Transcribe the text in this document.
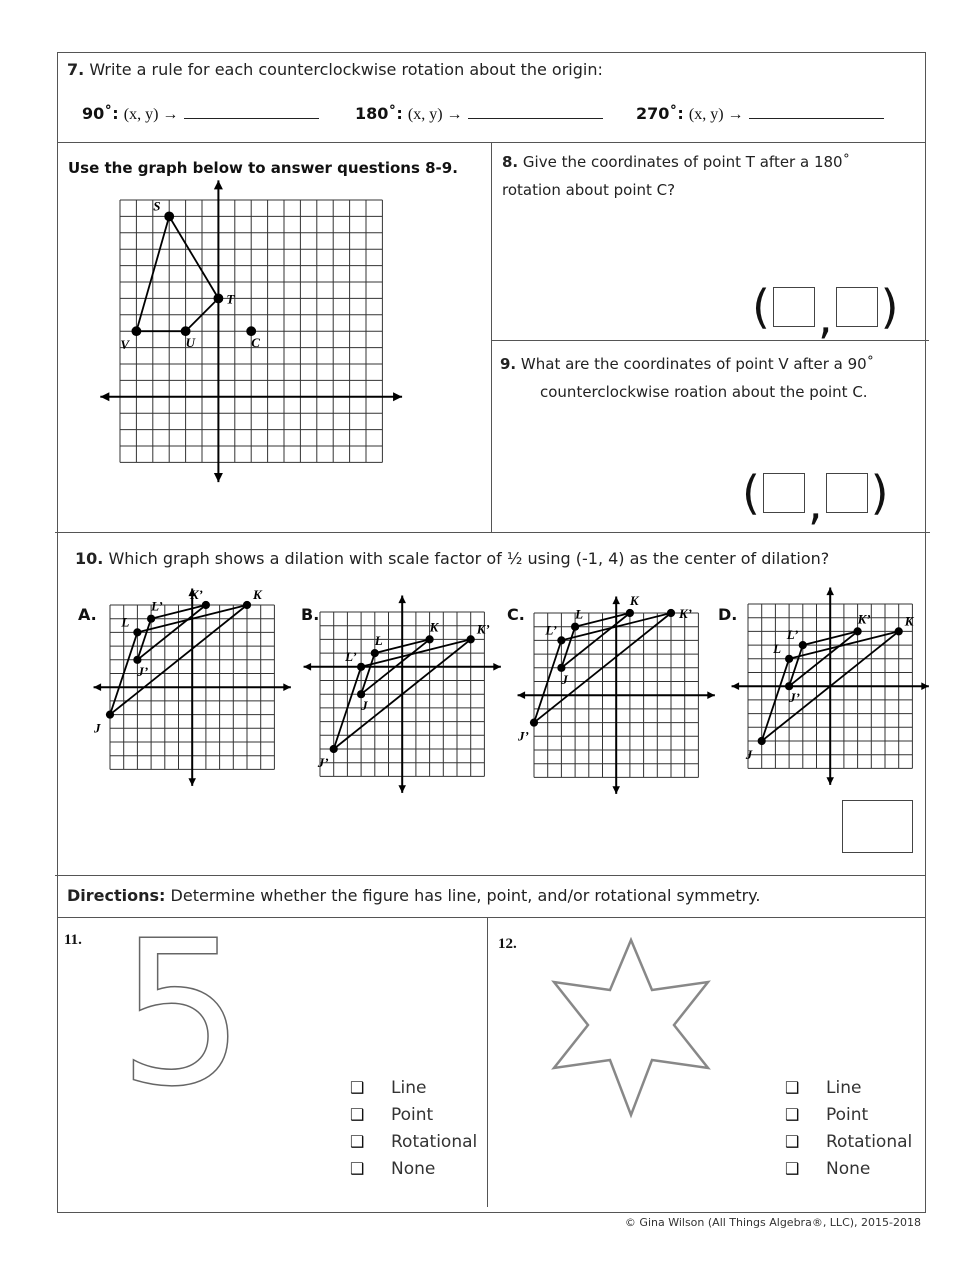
7. Write a rule for each counterclockwise rotation about the origin:
90˚: (x, y) →	180˚: (x, y) →	270˚: (x, y) →
Use the graph below to answer questions 8-9.
S
T
U
V	C
K
K’
L’
L
J’
J
K	K’
L
L’
J
J’
K
K’
L
L’
J
J’
K
K’
L’
L
J’
J
8. Give the coordinates of point T after a 180˚ rotation about point C?
( , )
9. What are the coordinates of point V after a 90˚
counterclockwise roation about the point C.
( , )
10. Which graph shows a dilation with scale factor of ½ using (-1, 4) as the center of dilation?
A.	B.	C.	D.
Directions: Determine whether the figure has line, point, and/or rotational symmetry.
11. 5	❑	Line
❑	Point
❑	Rotational
❑	None
12.
❑	Line
❑	Point
❑	Rotational
❑	None
© Gina Wilson (All Things Algebra®, LLC), 2015-2018
